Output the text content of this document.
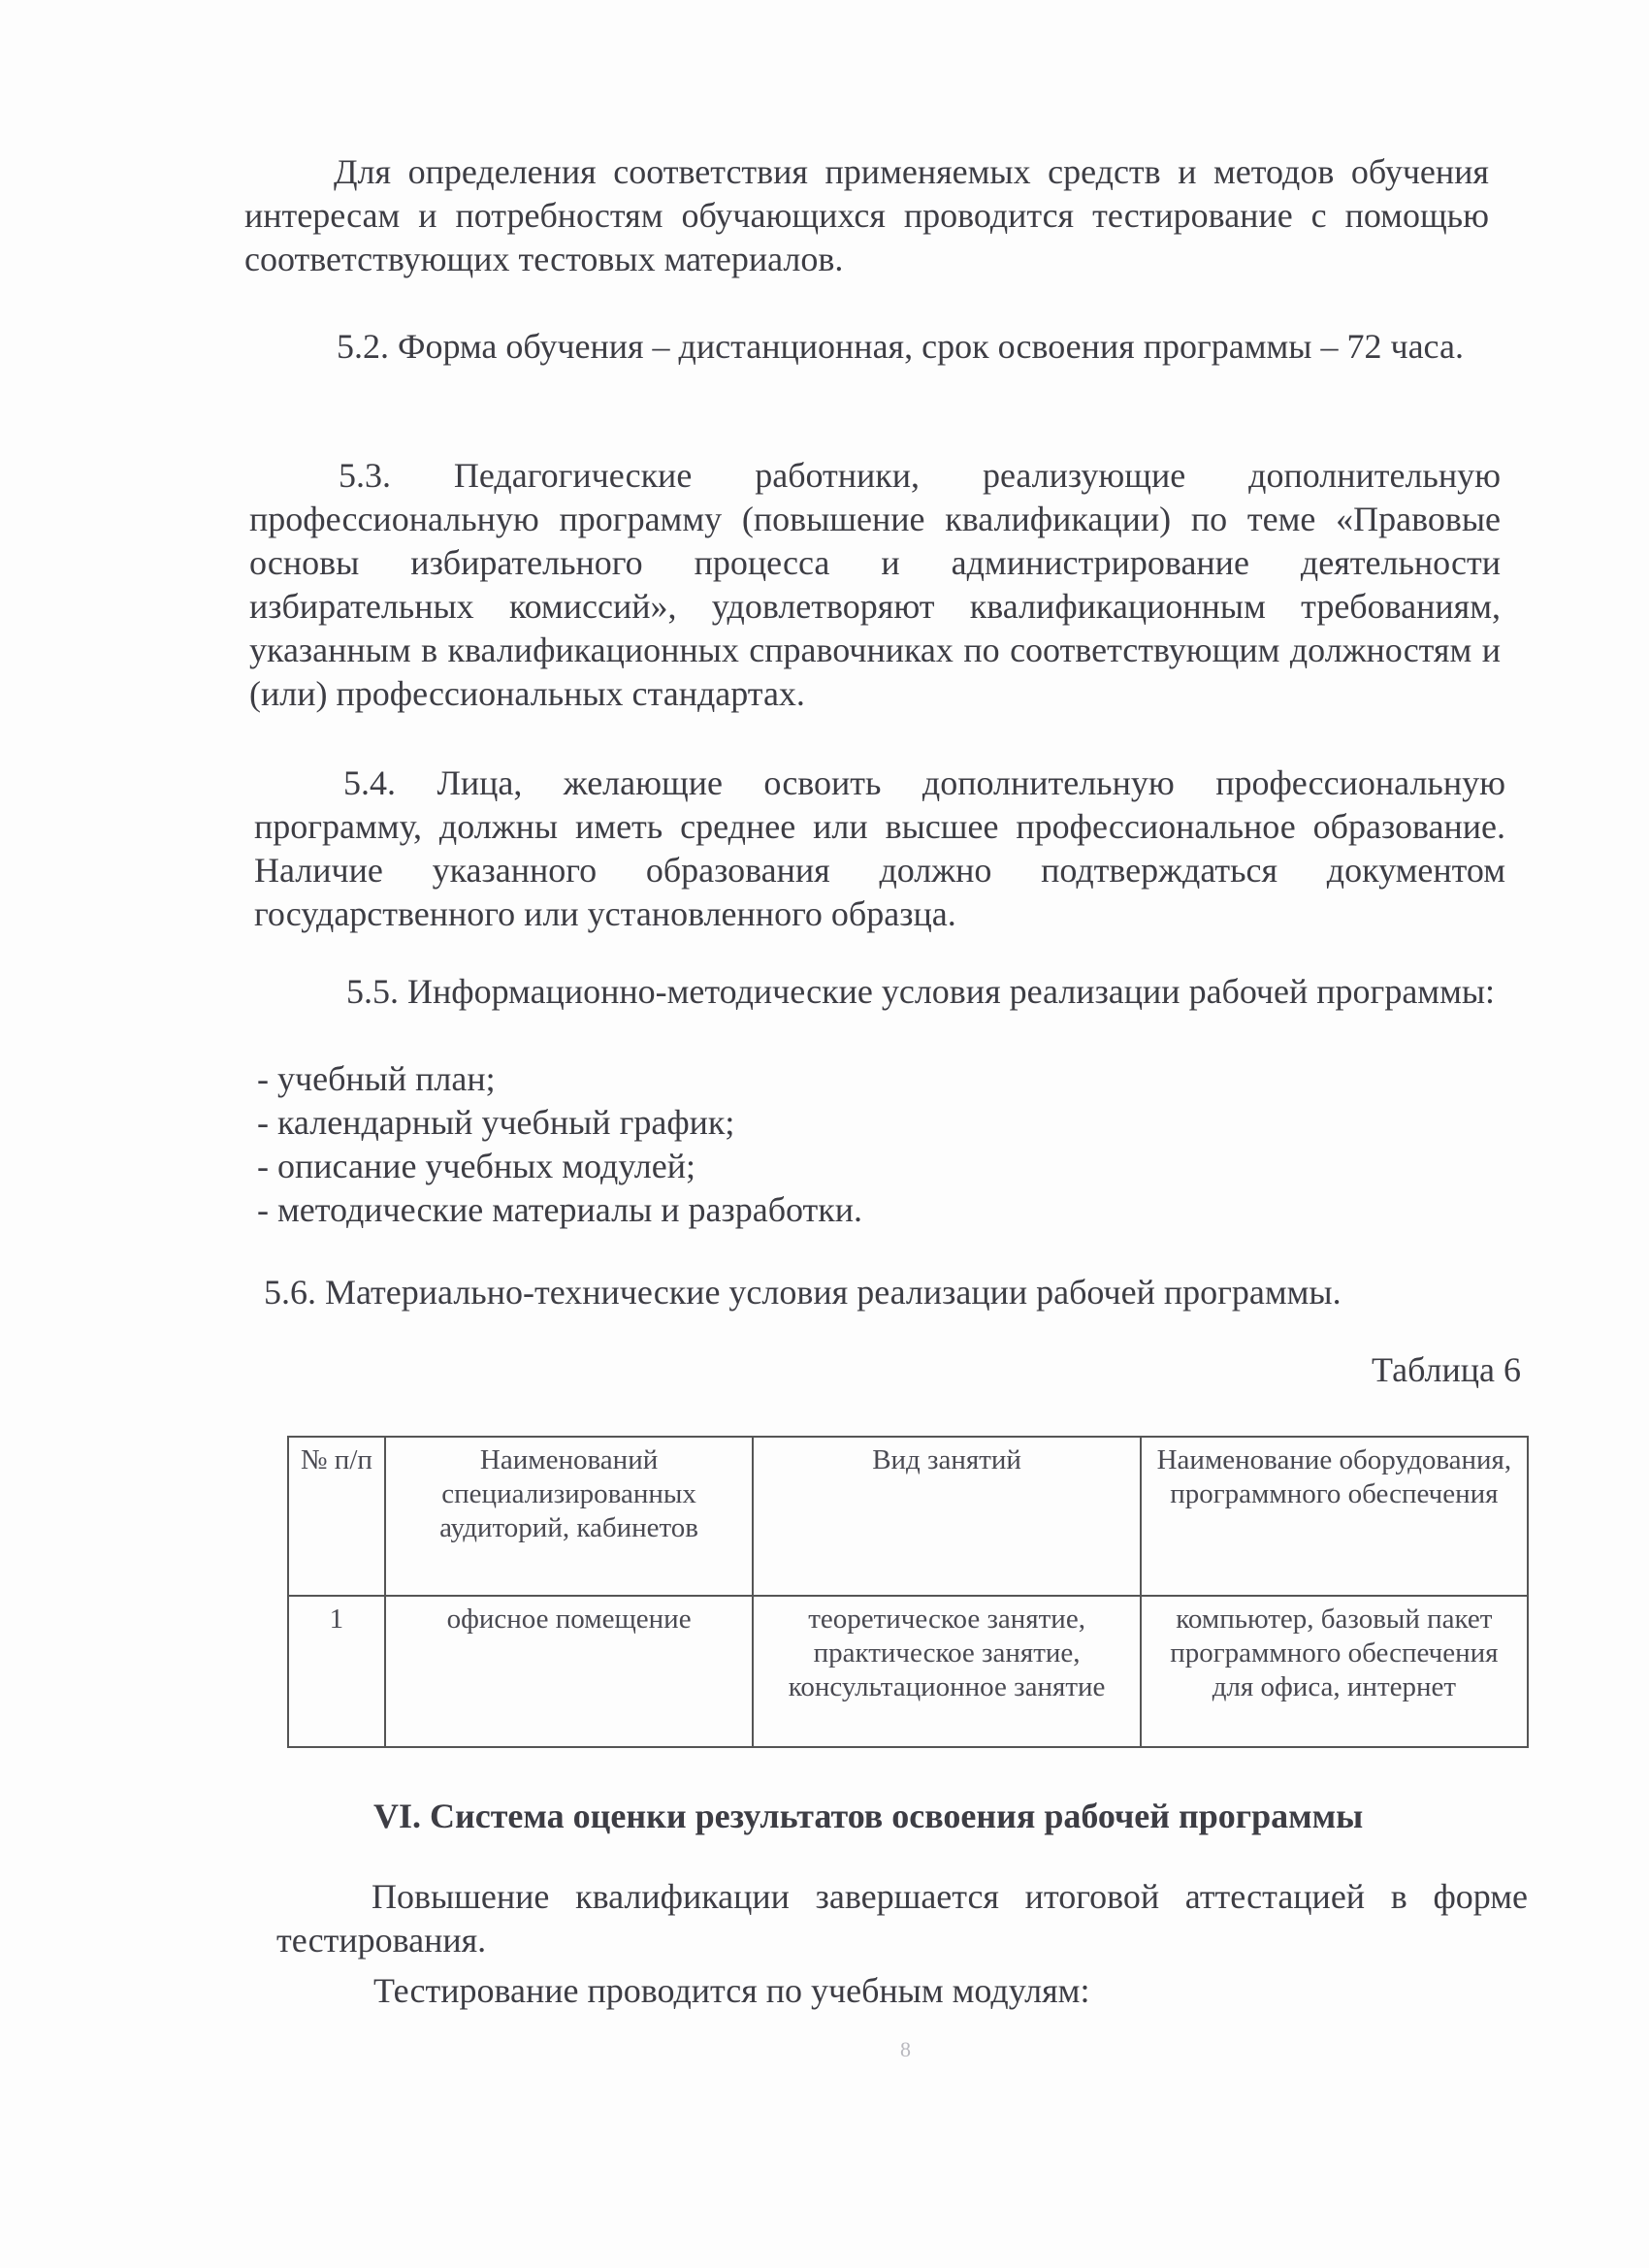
Для определения соответствия применяемых средств и методов обучения интересам и потребностям обучающихся проводится тестирование с помощью соответствующих тестовых материалов.

5.2. Форма обучения – дистанционная, срок освоения программы – 72 часа.

5.3. Педагогические работники, реализующие дополнительную профессиональную программу (повышение квалификации) по теме «Правовые основы избирательного процесса и администрирование деятельности избирательных комиссий», удовлетворяют квалификационным требованиям, указанным в квалификационных справочниках по соответствующим должностям и (или) профессиональных стандартах.

5.4. Лица, желающие освоить дополнительную профессиональную программу, должны иметь среднее или высшее профессиональное образование. Наличие указанного образования должно подтверждаться документом государственного или установленного образца.

5.5. Информационно-методические условия реализации рабочей программы:

- учебный план;
- календарный учебный график;
- описание учебных модулей;
- методические материалы и разработки.

5.6. Материально-технические условия реализации рабочей программы.

Таблица 6
№ п/п	Наименований специализированных аудиторий, кабинетов	Вид занятий	Наименование оборудования, программного обеспечения
1	офисное помещение	теоретическое занятие, практическое занятие, консультационное занятие	компьютер, базовый пакет программного обеспечения для офиса, интернет
VI. Система оценки результатов освоения рабочей программы

Повышение квалификации завершается итоговой аттестацией в форме тестирования.

Тестирование проводится по учебным модулям:

8
